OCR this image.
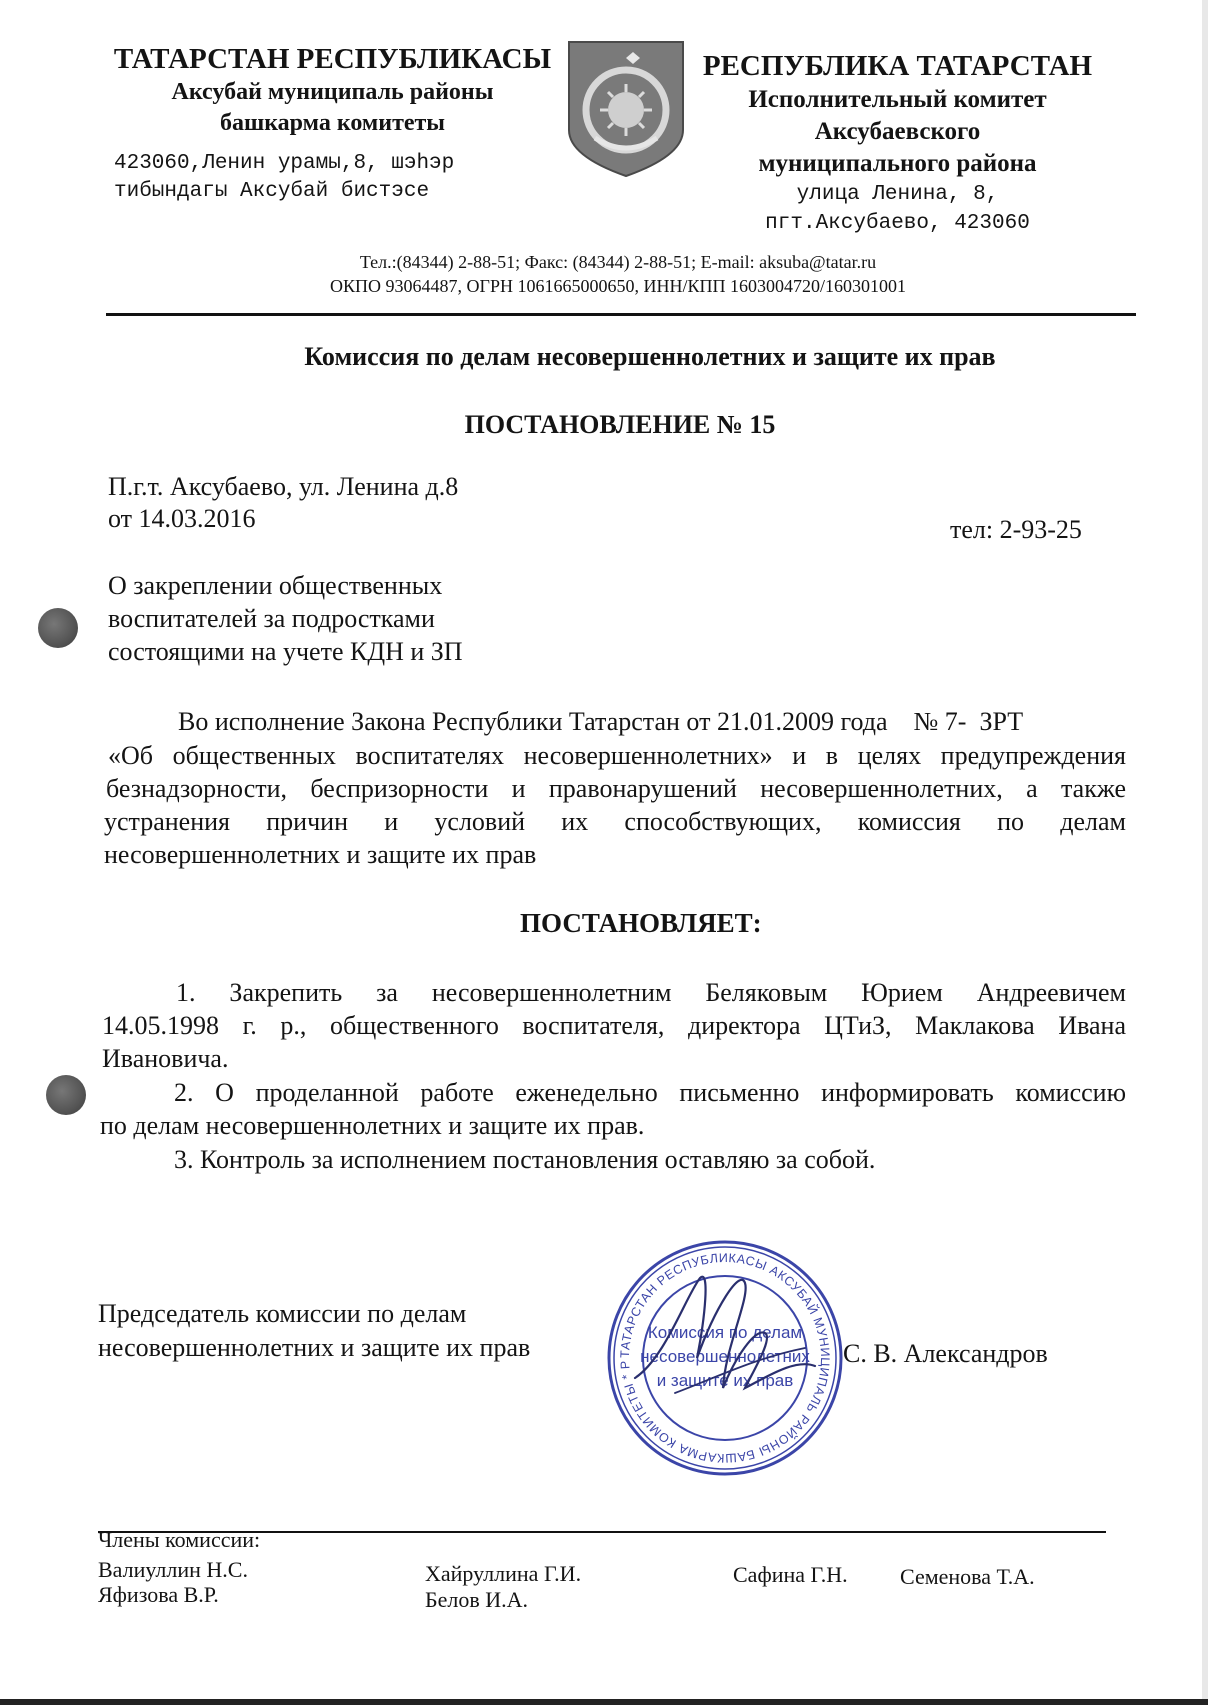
ТАТАРСТАН РЕСПУБЛИКАСЫ
Аксубай муниципаль районы
башкарма комитеты
423060,Ленин урамы,8, шэhэр
тибындагы Аксубай бистэсе
РЕСПУБЛИКА ТАТАРСТАН
Исполнительный комитет
Аксубаевского
муниципального района
улица Ленина, 8,
пгт.Аксубаево, 423060
Тел.:(84344) 2-88-51; Факс: (84344) 2-88-51; E-mail: aksuba@tatar.ru
ОКПО 93064487, ОГРН 1061665000650, ИНН/КПП 1603004720/160301001
Комиссия по делам несовершеннолетних и защите их прав
ПОСТАНОВЛЕНИЕ № 15
П.г.т. Аксубаево, ул. Ленина д.8
от 14.03.2016	тел: 2-93-25
О закреплении общественных
воспитателей за подростками
состоящими на учете КДН и ЗП
Во исполнение Закона Республики Татарстан от 21.01.2009 года    № 7-  ЗРТ
«Об общественных воспитателях несовершеннолетних» и в целях предупреждения
безнадзорности, беспризорности и правонарушений несовершеннолетних, а также
устранения причин и условий их способствующих, комиссия по делам
несовершеннолетних и защите их прав
ПОСТАНОВЛЯЕТ:
1. Закрепить за несовершеннолетним Беляковым Юрием Андреевичем
14.05.1998 г. р., общественного воспитателя, директора ЦТиЗ, Маклакова Ивана
Ивановича.
2. О проделанной работе еженедельно письменно информировать комиссию
по делам несовершеннолетних и защите их прав.
3. Контроль за исполнением постановления оставляю за собой.
Председатель комиссии по делам
несовершеннолетних и защите их прав	С. В. Александров
ТАТАРСТАН РЕСПУБЛИКАСЫ АКСУБАЙ МУНИЦИПАЛЬ РАЙОНЫ БАШКАРМА КОМИТЕТЫ * Р
Комиссия по делам
несовершеннолетних
и защите их прав
Члены комиссии:
Валиуллин Н.С.
Яфизова В.Р.
Хайруллина Г.И.
Белов И.А.
Сафина Г.Н. Семенова Т.А.
